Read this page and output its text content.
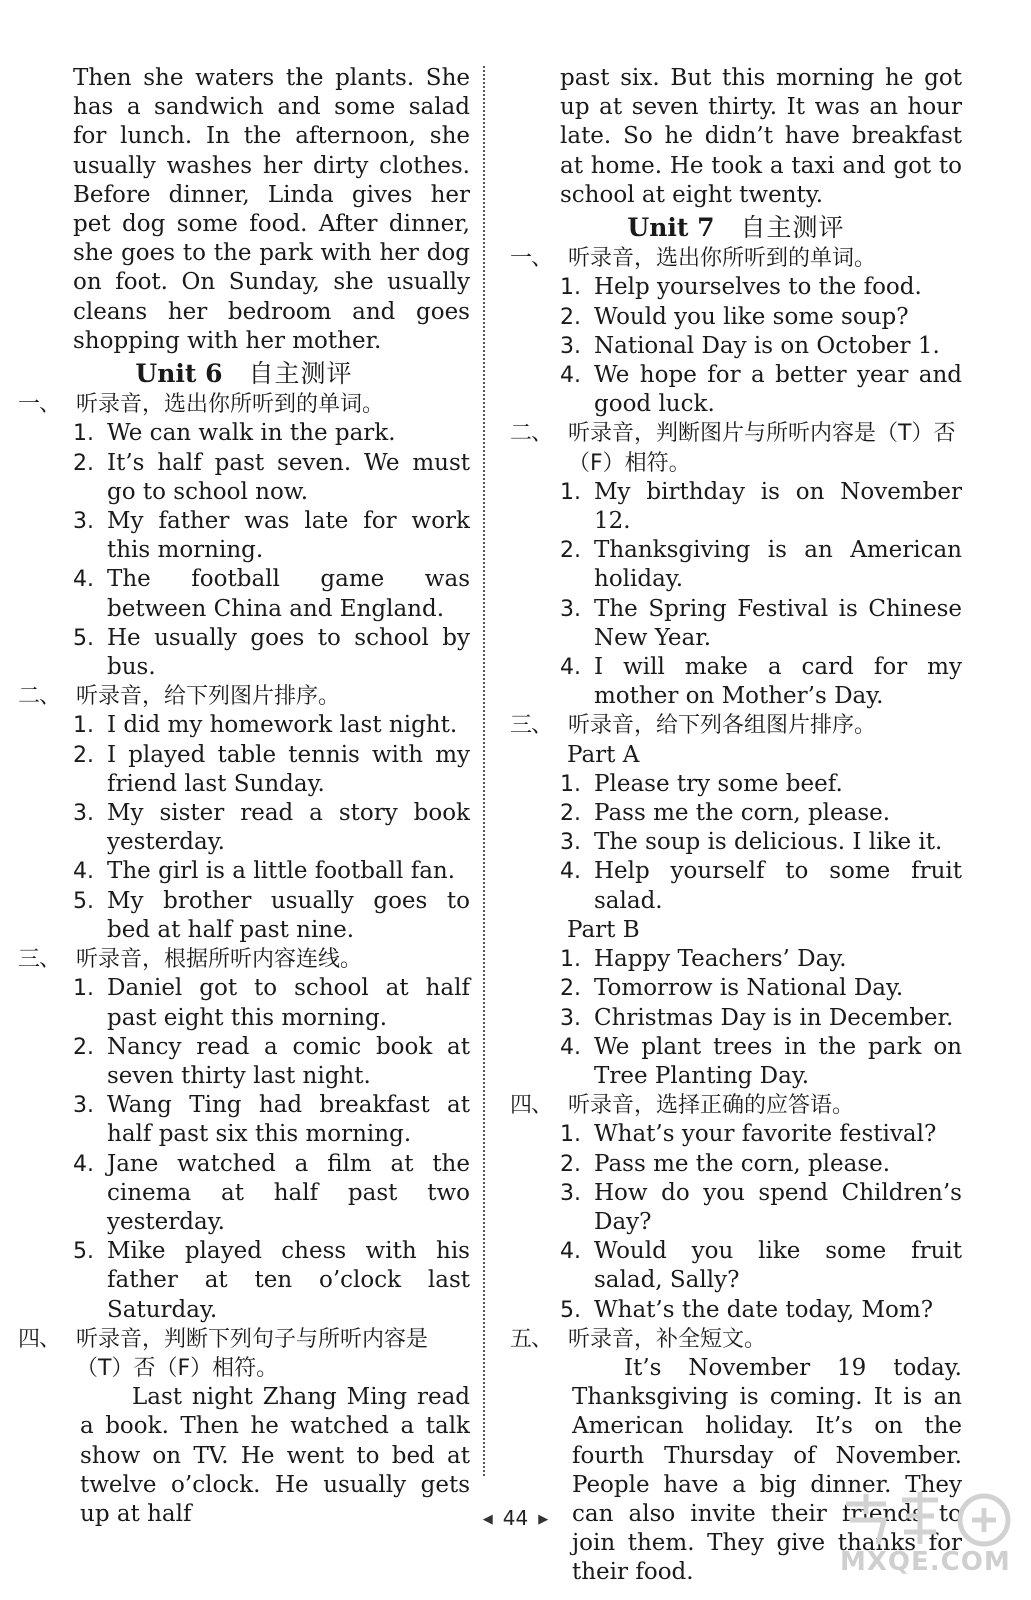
Then she waters the plants. She has a sandwich and some salad for lunch. In the afternoon, she usually washes her dirty clothes. Before dinner, Linda gives her pet dog some food. After dinner, she goes to the park with her dog on foot. On Sunday, she usually cleans her bedroom and goes shopping with her mother.
Unit 6 自主测评
一、 听录音，选出你所听到的单词。
1. We can walk in the park.
2. It’s half past seven. We must go to school now.
3. My father was late for work this morning.
4. The football game was between China and England.
5. He usually goes to school by bus.
二、 听录音，给下列图片排序。
1. I did my homework last night.
2. I played table tennis with my friend last Sunday.
3. My sister read a story book yesterday.
4. The girl is a little football fan.
5. My brother usually goes to bed at half past nine.
三、 听录音，根据所听内容连线。
1. Daniel got to school at half past eight this morning.
2. Nancy read a comic book at seven thirty last night.
3. Wang Ting had breakfast at half past six this morning.
4. Jane watched a film at the cinema at half past two yesterday.
5. Mike played chess with his father at ten o’clock last Saturday.
四、 听录音，判断下列句子与所听内容是（T）否（F）相符。
Last night Zhang Ming read a book. Then he watched a talk show on TV. He went to bed at twelve o’clock. He usually gets up at half
past six. But this morning he got up at seven thirty. It was an hour late. So he didn’t have breakfast at home. He took a taxi and got to school at eight twenty.
Unit 7 自主测评
一、 听录音，选出你所听到的单词。
1. Help yourselves to the food.
2. Would you like some soup?
3. National Day is on October 1.
4. We hope for a better year and good luck.
二、 听录音，判断图片与所听内容是（T）否（F）相符。
1. My birthday is on November 12.
2. Thanksgiving is an American holiday.
3. The Spring Festival is Chinese New Year.
4. I will make a card for my mother on Mother’s Day.
三、 听录音，给下列各组图片排序。
Part A
1. Please try some beef.
2. Pass me the corn, please.
3. The soup is delicious. I like it.
4. Help yourself to some fruit salad.
Part B
1. Happy Teachers’ Day.
2. Tomorrow is National Day.
3. Christmas Day is in December.
4. We plant trees in the park on Tree Planting Day.
四、 听录音，选择正确的应答语。
1. What’s your favorite festival?
2. Pass me the corn, please.
3. How do you spend Children’s Day?
4. Would you like some fruit salad, Sally?
5. What’s the date today, Mom?
五、 听录音，补全短文。
It’s November 19 today. Thanksgiving is coming. It is an American holiday. It’s on the fourth Thursday of November. People have a big dinner. They can also invite their friends to join them. They give thanks for their food.
◀ 44 ▶
MXQE.COM
